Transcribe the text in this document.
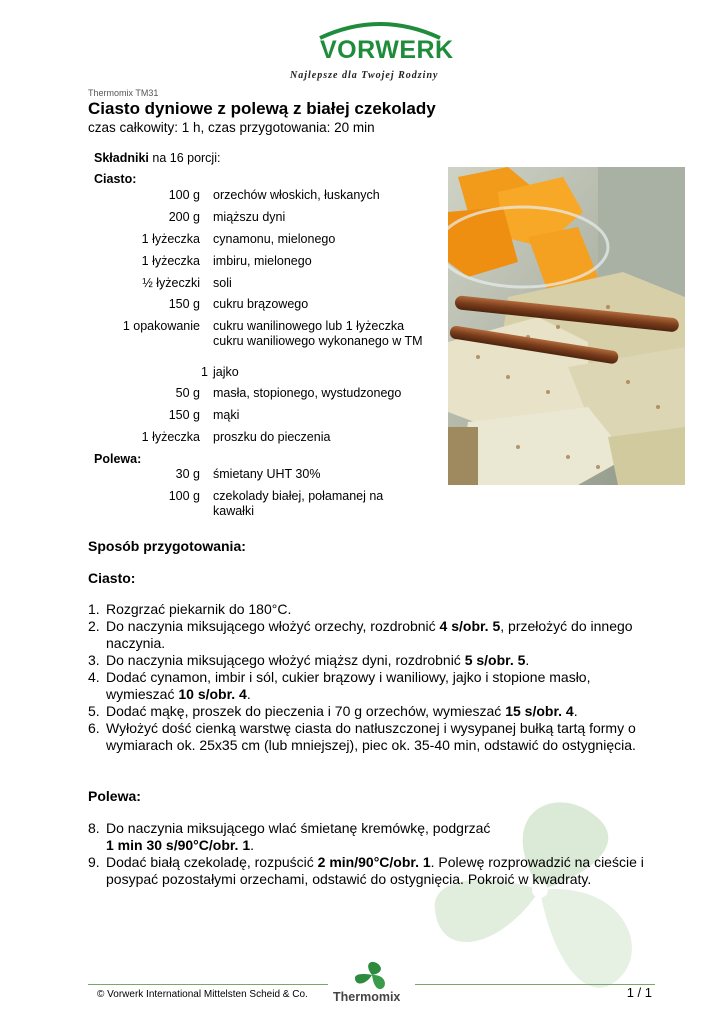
VORWERK
Najlepsze dla Twojej Rodziny
Thermomix TM31
Ciasto dyniowe z polewą z białej czekolady
czas całkowity: 1 h, czas przygotowania: 20 min
Składniki na 16 porcji:
Ciasto:
100 g orzechów włoskich, łuskanych
200 g miąższu dyni
1 łyżeczka cynamonu, mielonego
1 łyżeczka imbiru, mielonego
½ łyżeczki soli
150 g cukru brązowego
1 opakowanie cukru wanilinowego lub 1 łyżeczka cukru waniliowego wykonanego w TM
1 jajko
50 g masła, stopionego, wystudzonego
150 g mąki
1 łyżeczka proszku do pieczenia
Polewa:
30 g śmietany UHT 30%
100 g czekolady białej, połamanej na kawałki
Sposób przygotowania:
Ciasto:
1. Rozgrzać piekarnik do 180°C.
2. Do naczynia miksującego włożyć orzechy, rozdrobnić 4 s/obr. 5, przełożyć do innego naczynia.
3. Do naczynia miksującego włożyć miąższ dyni, rozdrobnić 5 s/obr. 5.
4. Dodać cynamon, imbir i sól, cukier brązowy i waniliowy, jajko i stopione masło, wymieszać 10 s/obr. 4.
5. Dodać mąkę, proszek do pieczenia i 70 g orzechów, wymieszać 15 s/obr. 4.
6. Wyłożyć dość cienką warstwę ciasta do natłuszczonej i wysypanej bułką tartą formy o wymiarach ok. 25x35 cm (lub mniejszej), piec ok. 35-40 min, odstawić do ostygnięcia.
Polewa:
8. Do naczynia miksującego wlać śmietanę kremówkę, podgrzać
1 min 30 s/90°C/obr. 1.
9. Dodać białą czekoladę, rozpuścić 2 min/90°C/obr. 1. Polewę rozprowadzić na cieście i posypać pozostałymi orzechami, odstawić do ostygnięcia. Pokroić w kwadraty.
© Vorwerk International Mittelsten Scheid & Co. Thermomix	1 / 1
